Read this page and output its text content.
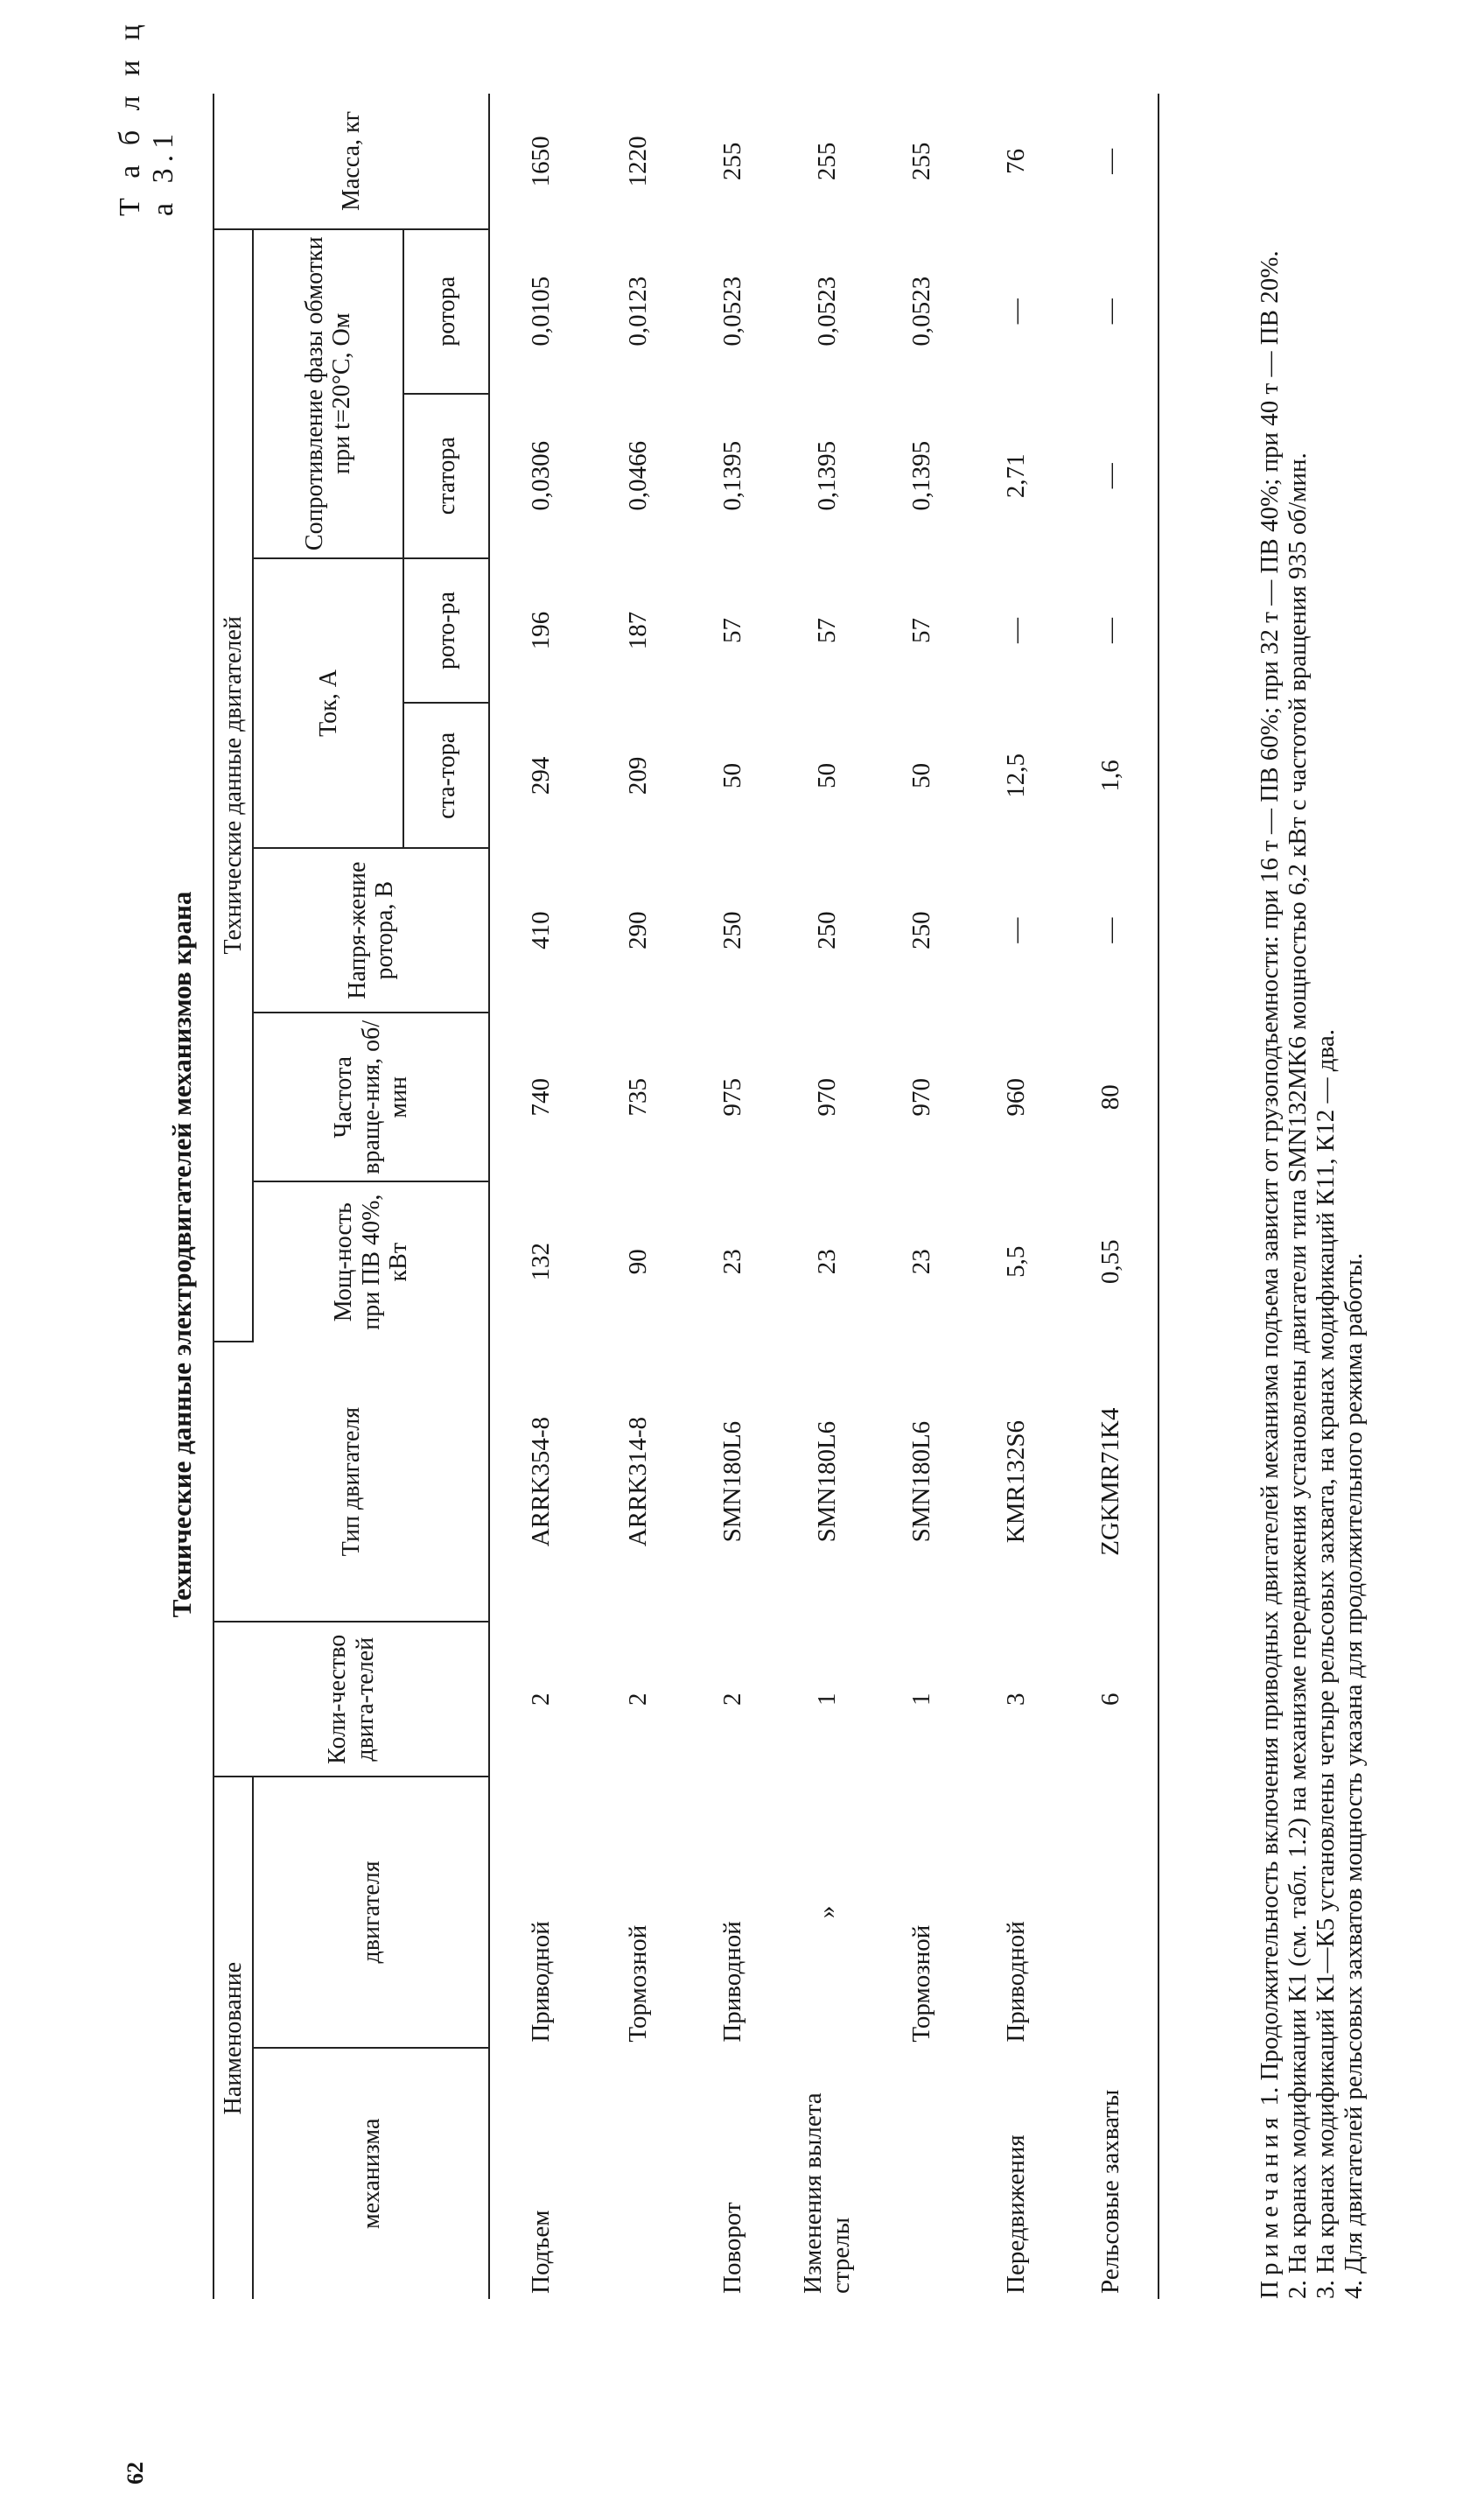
62
Т а б л и ц а 3.1
Технические данные электродвигателей механизмов крана
Наименование		Коли-чество двига-телей	Тип двигателя	Технические данные двигателей							Масса, кг
механизма	двигателя			Мощ-ность при ПВ 40%, кВт	Частота враще-ния, об/мин	Напря-жение ротора, В	Ток, А		Сопротивление фазы обмотки при t=20°С, Ом		
							ста-тора	рото-ра	статора	ротора	
Подъем	Приводной	2	ARRK354-8	132	740	410	294	196	0,0306	0,0105	1650
	Тормозной	2	ARRK314-8	90	735	290	209	187	0,0466	0,0123	1220
Поворот	Приводной	2	SMN180L6	23	975	250	50	57	0,1395	0,0523	255
Изменения вылета стрелы	»	1	SMN180L6	23	970	250	50	57	0,1395	0,0523	255
	Тормозной	1	SMN180L6	23	970	250	50	57	0,1395	0,0523	255
Передвижения	Приводной	3	KMR132S6	5,5	960	—	12,5	—	2,71	—	76
Рельсовые захваты		6	ZGKMR71K4	0,55	80	—	1,6	—	—	—	—

Примечания 1. Продолжительность включения приводных двигателей механизма подъема зависит от грузоподъемности: при 16 т — ПВ 60%; при 32 т — ПВ 40%; при 40 т — ПВ 20%. 2. На кранах модификации К1 (см. табл. 1.2) на механизме передвижения установлены двигатели типа SMN132MK6 мощностью 6,2 кВт с частотой вращения 935 об/мин. 3. На кранах модификаций К1—К5 установлены четыре рельсовых захвата, на кранах модификаций К11, К12 — два. 4. Для двигателей рельсовых захватов мощность указана для продолжительного режима работы.
